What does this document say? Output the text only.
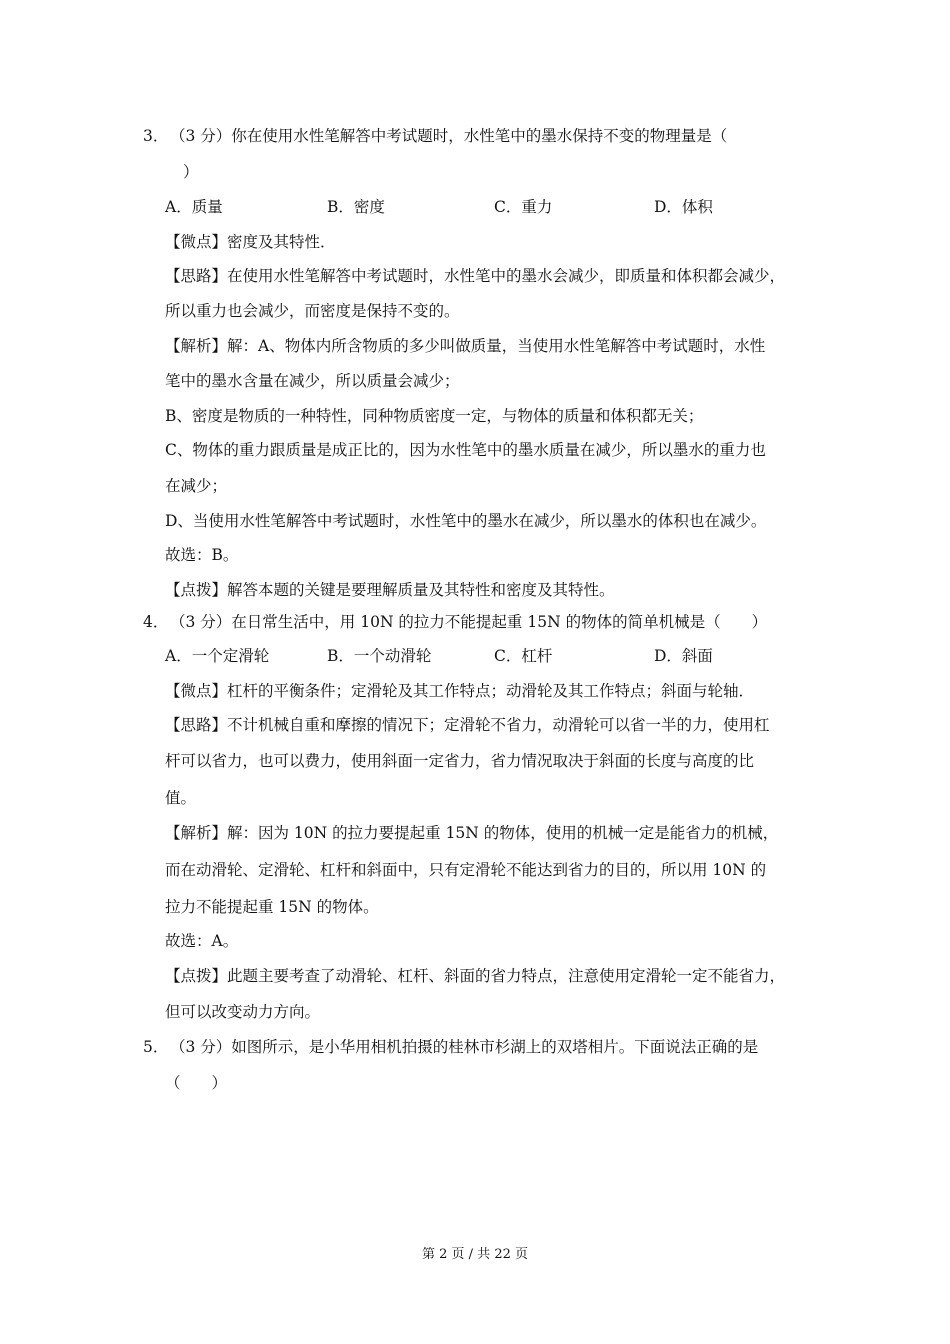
3． （3 分）你在使用水性笔解答中考试题时，水性笔中的墨水保持不变的物理量是（
）
A．质量	B．密度	C．重力	D．体积
【微点】密度及其特性．
【思路】在使用水性笔解答中考试题时，水性笔中的墨水会减少，即质量和体积都会减少，
所以重力也会减少，而密度是保持不变的。
【解析】解：A、物体内所含物质的多少叫做质量，当使用水性笔解答中考试题时，水性
笔中的墨水含量在减少，所以质量会减少；
B、密度是物质的一种特性，同种物质密度一定，与物体的质量和体积都无关；
C、物体的重力跟质量是成正比的，因为水性笔中的墨水质量在减少，所以墨水的重力也
在减少；
D、当使用水性笔解答中考试题时，水性笔中的墨水在减少，所以墨水的体积也在减少。
故选：B。
【点拨】解答本题的关键是要理解质量及其特性和密度及其特性。
4． （3 分）在日常生活中，用 10N 的拉力不能提起重 15N 的物体的简单机械是（　　）
A．一个定滑轮	B．一个动滑轮	C．杠杆	D．斜面
【微点】杠杆的平衡条件；定滑轮及其工作特点；动滑轮及其工作特点；斜面与轮轴．
【思路】不计机械自重和摩擦的情况下；定滑轮不省力，动滑轮可以省一半的力，使用杠
杆可以省力，也可以费力，使用斜面一定省力，省力情况取决于斜面的长度与高度的比
值。
【解析】解：因为 10N 的拉力要提起重 15N 的物体，使用的机械一定是能省力的机械，
而在动滑轮、定滑轮、杠杆和斜面中，只有定滑轮不能达到省力的目的，所以用 10N 的
拉力不能提起重 15N 的物体。
故选：A。
【点拨】此题主要考查了动滑轮、杠杆、斜面的省力特点，注意使用定滑轮一定不能省力，
但可以改变动力方向。
5． （3 分）如图所示，是小华用相机拍摄的桂林市杉湖上的双塔相片。下面说法正确的是
（　　）
第 2 页 / 共 22 页
